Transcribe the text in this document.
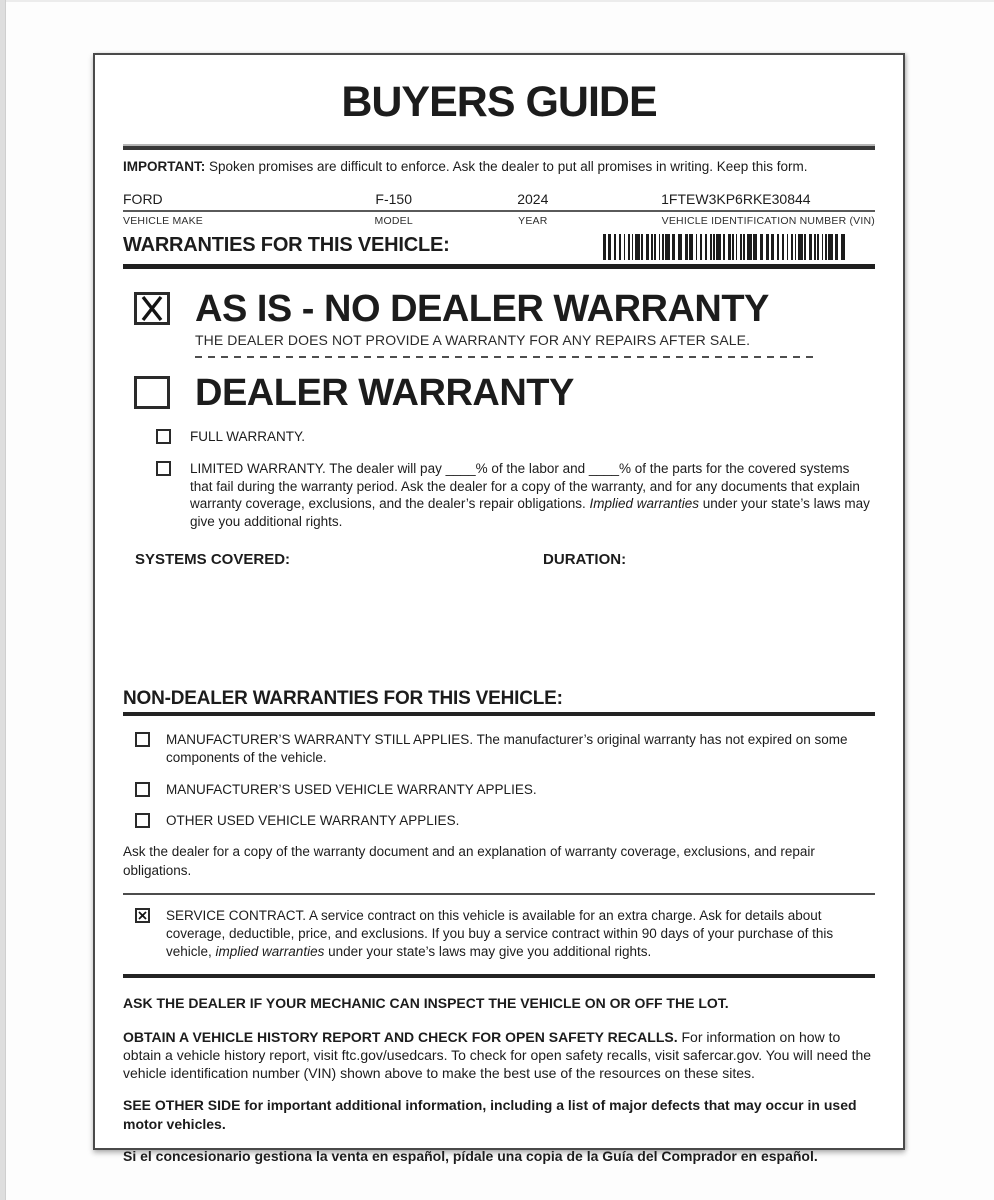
BUYERS GUIDE

IMPORTANT: Spoken promises are difficult to enforce. Ask the dealer to put all promises in writing. Keep this form.

FORD	F-150	2024	1FTEW3KP6RKE30844
VEHICLE MAKE	MODEL	YEAR	VEHICLE IDENTIFICATION NUMBER (VIN)
WARRANTIES FOR THIS VEHICLE:
AS IS - NO DEALER WARRANTY
THE DEALER DOES NOT PROVIDE A WARRANTY FOR ANY REPAIRS AFTER SALE.
DEALER WARRANTY
FULL WARRANTY.
LIMITED WARRANTY. The dealer will pay ____% of the labor and ____% of the parts for the covered systems that fail during the warranty period. Ask the dealer for a copy of the warranty, and for any documents that explain warranty coverage, exclusions, and the dealer’s repair obligations. Implied warranties under your state’s laws may give you additional rights.
SYSTEMS COVERED:	DURATION:
NON-DEALER WARRANTIES FOR THIS VEHICLE:
MANUFACTURER’S WARRANTY STILL APPLIES. The manufacturer’s original warranty has not expired on some components of the vehicle.
MANUFACTURER’S USED VEHICLE WARRANTY APPLIES.
OTHER USED VEHICLE WARRANTY APPLIES.

Ask the dealer for a copy of the warranty document and an explanation of warranty coverage, exclusions, and repair obligations.

SERVICE CONTRACT. A service contract on this vehicle is available for an extra charge. Ask for details about coverage, deductible, price, and exclusions. If you buy a service contract within 90 days of your purchase of this vehicle, implied warranties under your state’s laws may give you additional rights.

ASK THE DEALER IF YOUR MECHANIC CAN INSPECT THE VEHICLE ON OR OFF THE LOT.

OBTAIN A VEHICLE HISTORY REPORT AND CHECK FOR OPEN SAFETY RECALLS. For information on how to obtain a vehicle history report, visit ftc.gov/usedcars. To check for open safety recalls, visit safercar.gov. You will need the vehicle identification number (VIN) shown above to make the best use of the resources on these sites.

SEE OTHER SIDE for important additional information, including a list of major defects that may occur in used motor vehicles.

Si el concesionario gestiona la venta en español, pídale una copia de la Guía del Comprador en español.
